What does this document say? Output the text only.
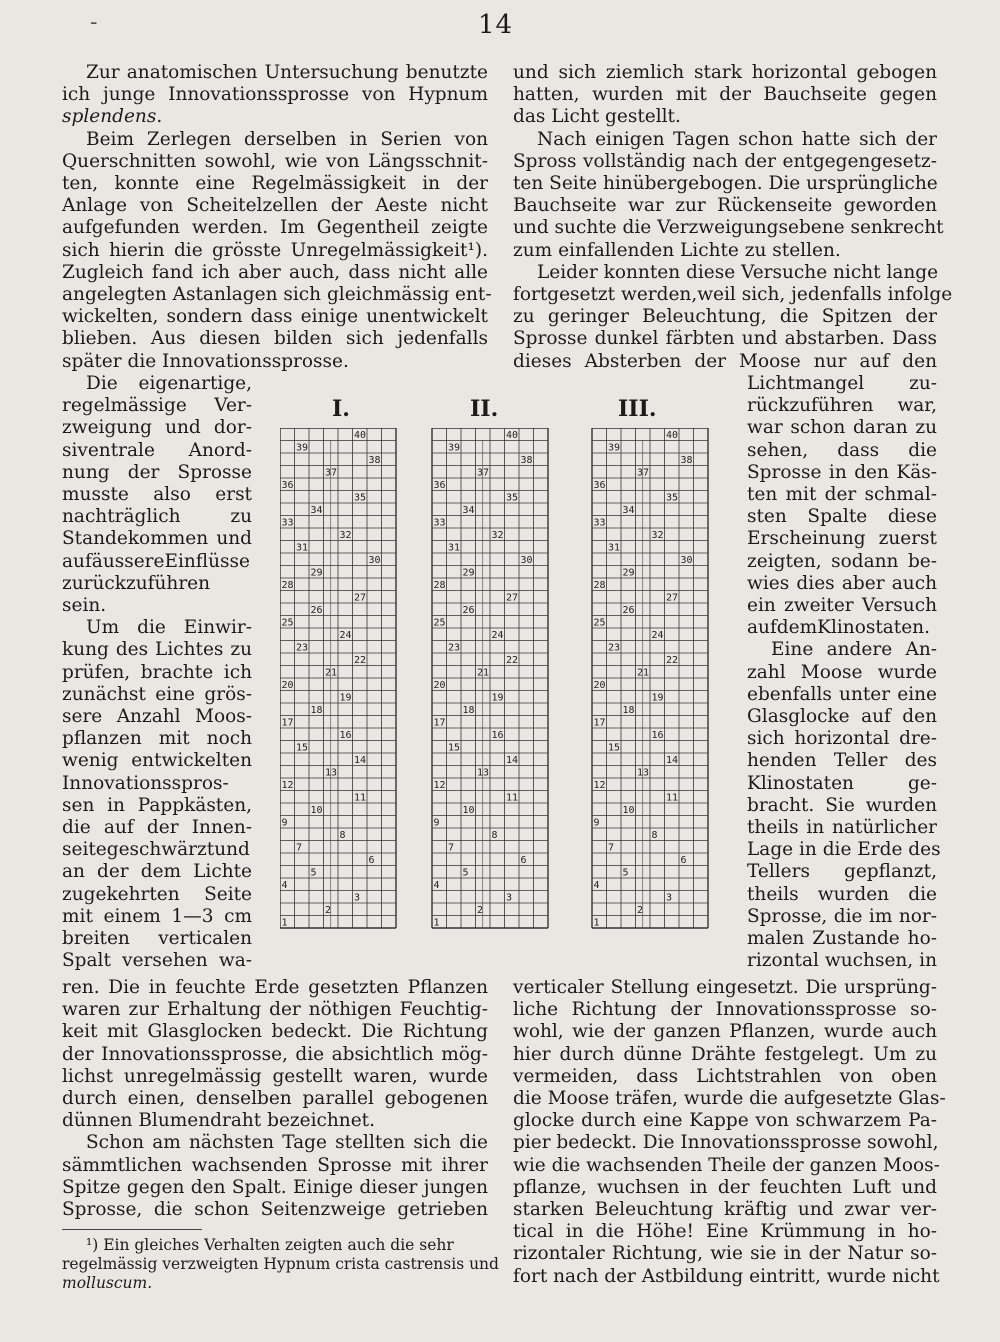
-	14

Zur anatomischen Untersuchung benutzte

ich junge Innovationssprosse von Hypnum

splendens.

Beim Zerlegen derselben in Serien von

Querschnitten sowohl, wie von Längsschnit-

ten, konnte eine Regelmässigkeit in der

Anlage von Scheitelzellen der Aeste nicht

aufgefunden werden. Im Gegentheil zeigte

sich hierin die grösste Unregelmässigkeit¹).

Zugleich fand ich aber auch, dass nicht alle

angelegten Astanlagen sich gleichmässig ent-

wickelten, sondern dass einige unentwickelt

blieben. Aus diesen bilden sich jedenfalls

später die Innovationssprosse.

Die eigenartige,

regelmässige Ver-

zweigung und dor-

siventrale Anord-

nung der Sprosse

musste also erst

nachträglich zu

Standekommen und

aufäussereEinflüsse

zurückzuführen

sein.

Um die Einwir-

kung des Lichtes zu

prüfen, brachte ich

zunächst eine grös-

sere Anzahl Moos-

pflanzen mit noch

wenig entwickelten

Innovationsspros-

sen in Pappkästen,

die auf der Innen-

seitegeschwärztund

an der dem Lichte

zugekehrten Seite

mit einem 1—3 cm

breiten verticalen

Spalt versehen wa-

ren. Die in feuchte Erde gesetzten Pflanzen

waren zur Erhaltung der nöthigen Feuchtig-

keit mit Glasglocken bedeckt. Die Richtung

der Innovationssprosse, die absichtlich mög-

lichst unregelmässig gestellt waren, wurde

durch einen, denselben parallel gebogenen

dünnen Blumendraht bezeichnet.

Schon am nächsten Tage stellten sich die

sämmtlichen wachsenden Sprosse mit ihrer

Spitze gegen den Spalt. Einige dieser jungen

Sprosse, die schon Seitenzweige getrieben

¹) Ein gleiches Verhalten zeigten auch die sehr

regelmässig verzweigten Hypnum crista castrensis und

molluscum.

und sich ziemlich stark horizontal gebogen

hatten, wurden mit der Bauchseite gegen

das Licht gestellt.

Nach einigen Tagen schon hatte sich der

Spross vollständig nach der entgegengesetz-

ten Seite hinübergebogen. Die ursprüngliche

Bauchseite war zur Rückenseite geworden

und suchte die Verzweigungsebene senkrecht

zum einfallenden Lichte zu stellen.

Leider konnten diese Versuche nicht lange

fortgesetzt werden,weil sich, jedenfalls infolge

zu geringer Beleuchtung, die Spitzen der

Sprosse dunkel färbten und abstarben. Dass

dieses Absterben der Moose nur auf den

Lichtmangel zu-

rückzuführen war,

war schon daran zu

sehen, dass die

Sprosse in den Käs-

ten mit der schmal-

sten Spalte diese

Erscheinung zuerst

zeigten, sodann be-

wies dies aber auch

ein zweiter Versuch

aufdemKlinostaten.

Eine andere An-

zahl Moose wurde

ebenfalls unter eine

Glasglocke auf den

sich horizontal dre-

henden Teller des

Klinostaten ge-

bracht. Sie wurden

theils in natürlicher

Lage in die Erde des

Tellers gepflanzt,

theils wurden die

Sprosse, die im nor-

malen Zustande ho-

rizontal wuchsen, in

verticaler Stellung eingesetzt. Die ursprüng-

liche Richtung der Innovationssprosse so-

wohl, wie der ganzen Pflanzen, wurde auch

hier durch dünne Drähte festgelegt. Um zu

vermeiden, dass Lichtstrahlen von oben

die Moose träfen, wurde die aufgesetzte Glas-

glocke durch eine Kappe von schwarzem Pa-

pier bedeckt. Die Innovationssprosse sowohl,

wie die wachsenden Theile der ganzen Moos-

pflanze, wuchsen in der feuchten Luft und

starken Beleuchtung kräftig und zwar ver-

tical in die Höhe! Eine Krümmung in ho-

rizontaler Richtung, wie sie in der Natur so-

fort nach der Astbildung eintritt, wurde nicht

I.	II.	III.
40
39
38
37
36
35
34
33
32
31
30
29
28
27
26
25
24
23
22
21
20
19
18
17
16
15
14
13
12
11
10
9
8
7
6
5
4
3
2
1
40
39
38
37
36
35
34
33
32
31
30
29
28
27
26
25
24
23
22
21
20
19
18
17
16
15
14
13
12
11
10
9
8
7
6
5
4
3
2
1
40
39
38
37
36
35
34
33
32
31
30
29
28
27
26
25
24
23
22
21
20
19
18
17
16
15
14
13
12
11
10
9
8
7
6
5
4
3
2
1
